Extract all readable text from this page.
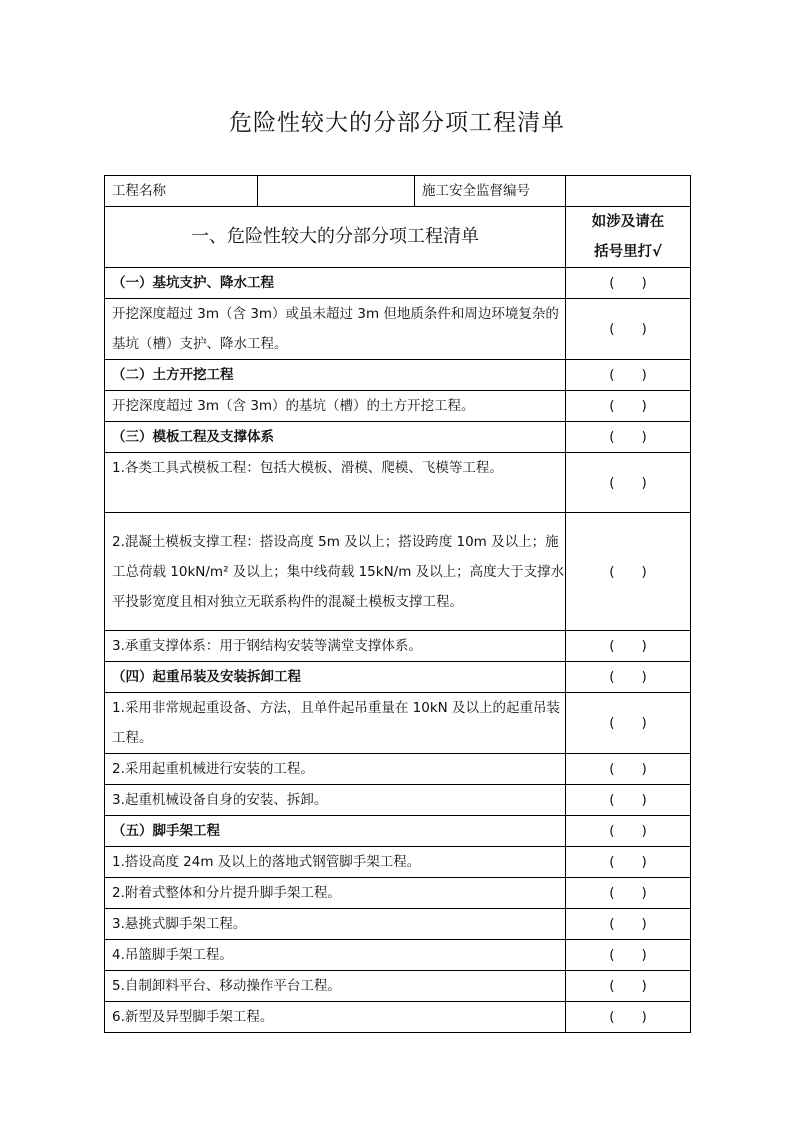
危险性较大的分部分项工程清单
工程名称		施工安全监督编号	
一、危险性较大的分部分项工程清单			如涉及请在
括号里打√

（一）基坑支护、降水工程			(　　)
开挖深度超过 3m（含 3m）或虽未超过 3m 但地质条件和周边环境复杂的基坑（槽）支护、降水工程。			(　　)
（二）土方开挖工程			(　　)
开挖深度超过 3m（含 3m）的基坑（槽）的土方开挖工程。			(　　)
（三）模板工程及支撑体系			(　　)
1.各类工具式模板工程：包括大模板、滑模、爬模、飞模等工程。			(　　)
2.混凝土模板支撑工程：搭设高度 5m 及以上；搭设跨度 10m 及以上；施工总荷载 10kN/m² 及以上；集中线荷载 15kN/m 及以上；高度大于支撑水平投影宽度且相对独立无联系构件的混凝土模板支撑工程。			(　　)
3.承重支撑体系：用于钢结构安装等满堂支撑体系。			(　　)
（四）起重吊装及安装拆卸工程			(　　)
1.采用非常规起重设备、方法，且单件起吊重量在 10kN 及以上的起重吊装工程。			(　　)
2.采用起重机械进行安装的工程。			(　　)
3.起重机械设备自身的安装、拆卸。			(　　)
（五）脚手架工程			(　　)
1.搭设高度 24m 及以上的落地式钢管脚手架工程。			(　　)
2.附着式整体和分片提升脚手架工程。			(　　)
3.悬挑式脚手架工程。			(　　)
4.吊篮脚手架工程。			(　　)
5.自制卸料平台、移动操作平台工程。			(　　)
6.新型及异型脚手架工程。			(　　)
